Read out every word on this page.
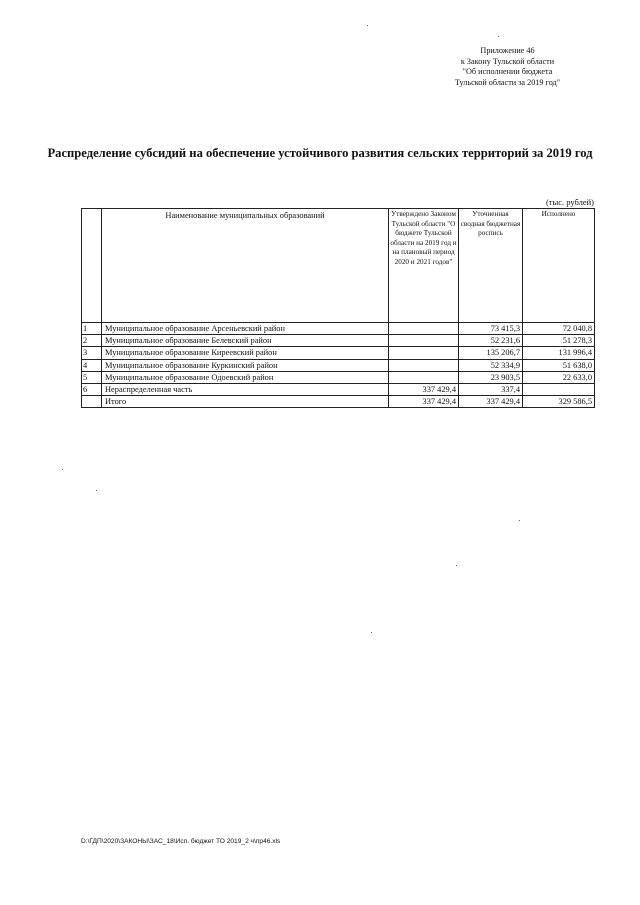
Приложение 46
к Закону Тульской области
"Об исполнении бюджета
Тульской области за 2019 год"
Распределение субсидий на обеспечение устойчивого развития сельских территорий за 2019 год
(тыс. рублей)
	Наименование муниципальных образований	Утверждено Законом Тульской области "О бюджете Тульской области на 2019 год и на плановый период 2020 и 2021 годов"	Уточненная сводная бюджетная роспись	Исполнено
1	Муниципальное образование Арсеньевский район		73 415,3	72 040,8
2	Муниципальное образование Белевский район		52 231,6	51 278,3
3	Муниципальное образование Киреевский район		135 206,7	131 996,4
4	Муниципальное образование Куркинский район		52 334,9	51 638,0
5	Муниципальное образование Одоевский район		23 903,5	22 633,0
6	Нераспределенная часть	337 429,4	337,4	
	Итого	337 429,4	337 429,4	329 586,5
D:\ГДП\2020\ЗАКОНЫ\ЗАС_18\Исп. бюджет ТО 2019_2 ч\пр46.xls
